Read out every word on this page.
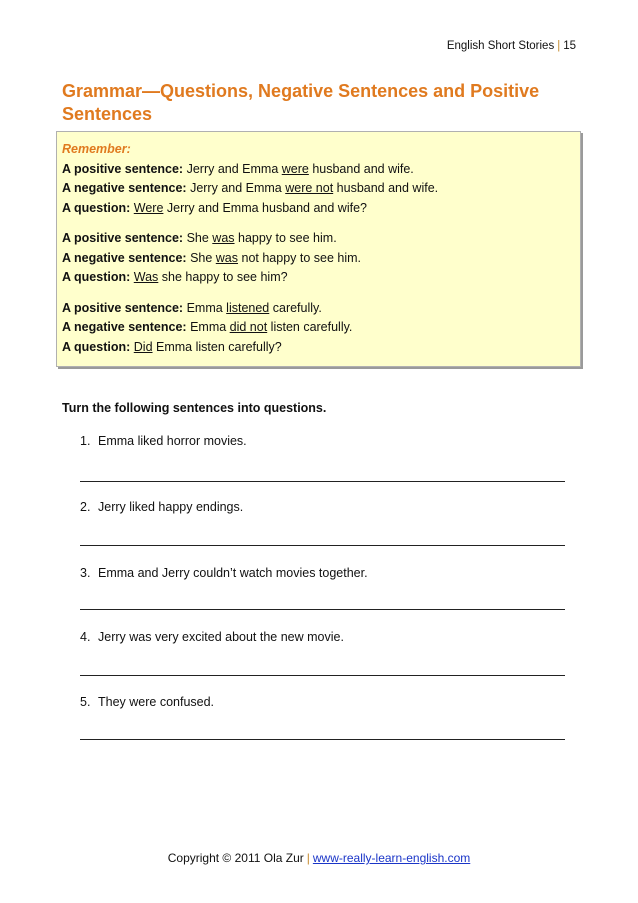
English Short Stories | 15
Grammar—Questions, Negative Sentences and Positive Sentences
Remember:
A positive sentence: Jerry and Emma were husband and wife.
A negative sentence: Jerry and Emma were not husband and wife.
A question: Were Jerry and Emma husband and wife?
A positive sentence: She was happy to see him.
A negative sentence: She was not happy to see him.
A question: Was she happy to see him?
A positive sentence: Emma listened carefully.
A negative sentence: Emma did not listen carefully.
A question: Did Emma listen carefully?
Turn the following sentences into questions.
1. Emma liked horror movies.
2. Jerry liked happy endings.
3. Emma and Jerry couldn’t watch movies together.
4. Jerry was very excited about the new movie.
5. They were confused.
Copyright © 2011 Ola Zur | www-really-learn-english.com
